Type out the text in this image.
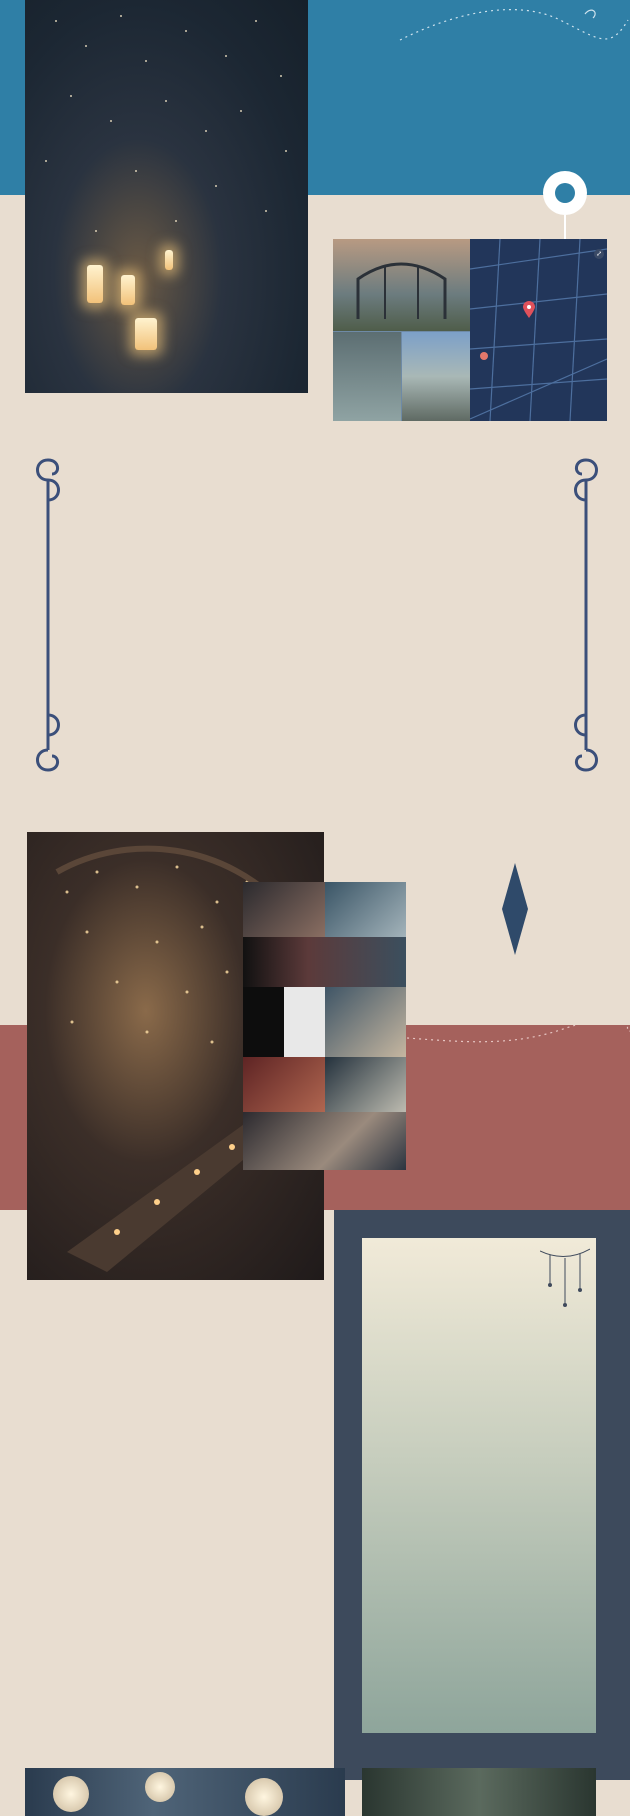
⤢
